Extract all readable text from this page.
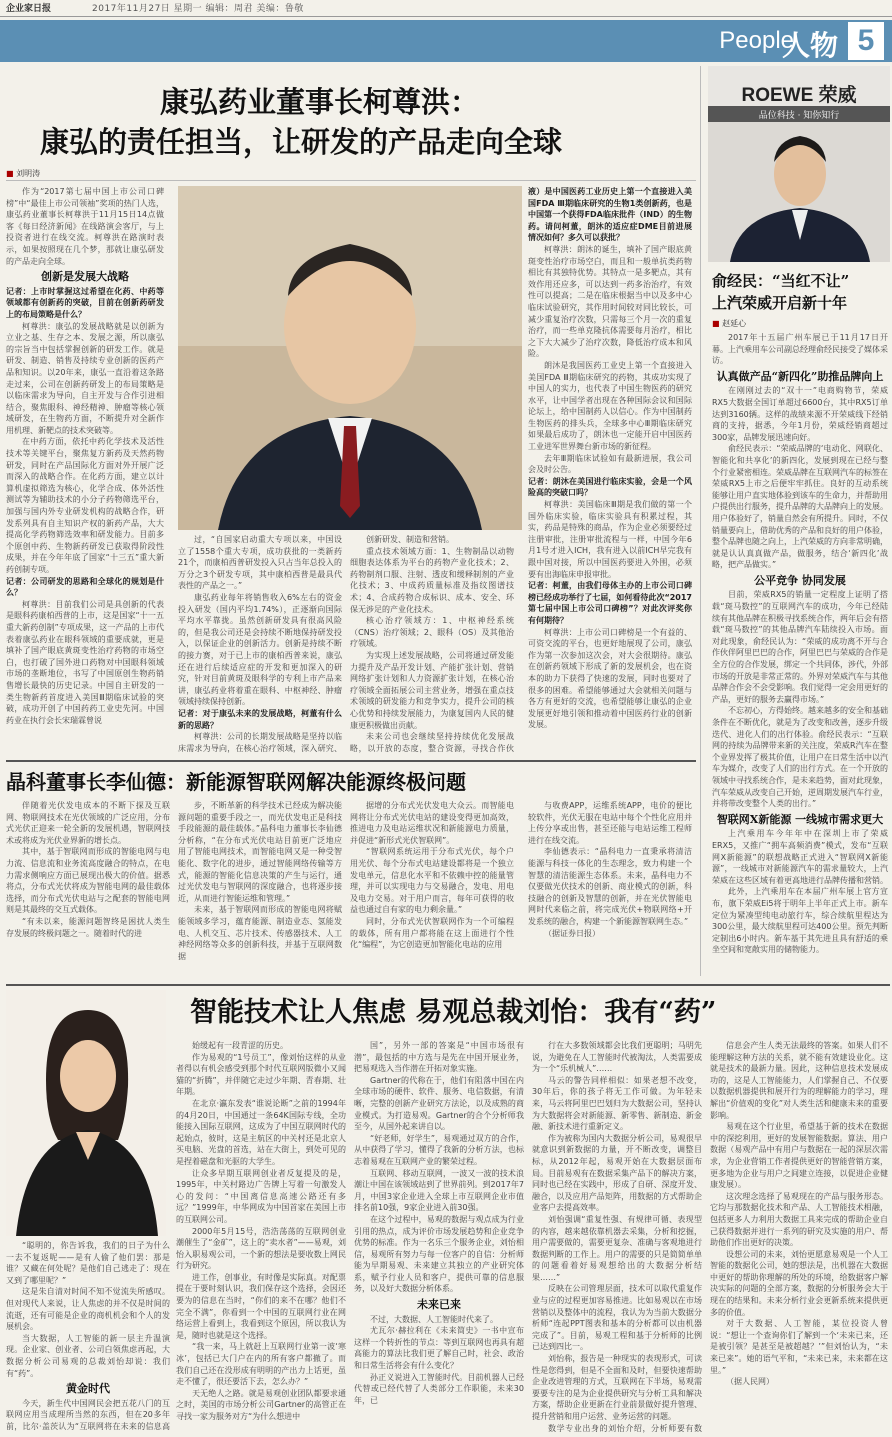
企业家日报	2017年11月27日 星期一 编辑：周君 美编：鲁敬
People
人物 5
康弘药业董事长柯尊洪：
康弘的责任担当，让研发的产品走向全球
■ 刘明涛

作为“2017第七届中国上市公司口碑榜”中“最佳上市公司领袖”奖项的热门人选，康弘药业董事长柯尊洪于11月15日14点做客《每日经济新闻》在线路演会客厅，与上投资者进行在线交流。柯尊洪在路演时表示，如果按照现在几个梦，那就让康弘研发的产品走向全球。

创新是发展大战略

记者：上市时掌握这过希望在化药、中药等领域都有创新药的突破，目前在创新药研发上的布局策略是什么？

柯尊洪：康弘的发展战略就是以创新为立业之基、生存之本、发展之源，所以康弘的宗旨当中包括掌握创新的研发工作。就是研发、制造、销售及持续专业创新的医药产品和知识。以20年来，康弘一直沿着这条路走过来，公司在创新药研发上的布局策略是以临床需求为导向，自主开发与合作引进相结合，聚焦眼科、神经精神、肿瘤等核心领域研发，在生物药方面，不断提升对全新作用机理、新靶点的技术突破等。

在中药方面，依托中药化学技术及活性技术等关键平台，聚焦复方新药及天然药物研发，同时在产品国际化方面对外开展广泛而深入的战略合作。在化药方面，建立以计算机虚拟筛选为核心，化学合成、体外活性测试等为辅助技术的小分子药物筛选平台，加强与国内外专业研发机构的战略合作，研发系列具有自主知识产权的新药产品，大大提高化学药物筛选效率和研发能力。目前多个原创中药、生物新药研发已获取得阶段性成果，并在今年年底了国家“十三五”重大新药创制专项。

记者：公司研发的思路和全球化的规划是什么？

柯尊洪：目前我们公司是具创新的代表是眼科药康柏西普的上市，这是国家“十一五重大新药创制”专项成果，这一产品的上市代表着康弘药业在眼科领域的重要成就，更是填补了国产眼底黄斑变性治疗药物的市场空白，也打破了国外进口药物对中国眼科领域市场的垄断地位，书写了中国原创生物药销售增长最快的历史记录。中国自主研发的一类生物新药首度进入美国Ⅲ期临床试验的突破，成功开创了中国药药工业史先河。中国药业在执行会长宋瑞霖曾说

过，“自国家启动重大专项以来，中国设立了1558个重大专项，成功获批的一类新药21个，而康柏西普研发投入只占当年总投入的万分之3个研发专项，其中康柏西普是最具代表性的产品之一。”

康弘药业每年将销售收入6%左右的资金投入研发（国内平均1.74%），正逐渐向国际平均水平靠拢。虽然创新研发具有很高风险的，但是我公司还是会持续不断地保持研发投入，以保证企业的创新活力。创新是持续不断的接力赛，对于已上市的康柏西普来说，康弘还在进行后续适应症的开发和更加深入的研究，针对目前黄斑及眼科学的专利上市产品来讲，康弘药业将着重在眼科、中枢神经、肿瘤领域持续保持创新。

记者：对于康弘未来的发展战略，柯董有什么新的思路？

柯尊洪：公司的长期发展战略是坚持以临床需求为导向，在核心治疗领域，深入研究、

创新研发、制造和营销。

重点技术领域方面：1、生物制品以动物细胞表达体系为平台的药物产业化技术；2、药物制剂口服、注射、透皮和缓释制剂的产业化技术；3、中成药质量标准及指纹图谱技术；4、合成药物合成标识、成本、安全、环保无涉足的产业化技术。

核心治疗领域方：1、中枢神经系统（CNS）治疗领域；2、眼科（OS）及其他治疗领域。

为实现上述发展战略，公司将通过研发能力提升及产品开发计划、产能扩张计划、营销网络扩张计划和人力资源扩张计划，在核心治疗领域全面拓展公司主营业务，增强在重点技术领域的研发能力和竞争实力，提升公司的核心优势和持续发展能力，为康复国内人民的健康更积极做出贡献。

未来公司也会继续坚持持续优化发展战略，以开放的态度，整合资源，寻找合作伙

液）是中国医药工业历史上第一个直接进入美国FDA Ⅲ期临床研究的生物1类创新药，也是中国第一个获得FDA临床批件（IND）的生物药。请问柯董，朗沐的适应症DME目前进展情况如何？多久可以获批？

柯尊洪：朗沐的诞生，填补了国产眼底黄斑变性治疗市场空白，而且和一般单抗类药物相比有其独特优势。其特点一是多靶点，其有效作用还应多，可以达到一药多治治疗，有效性可以提高；二是在临床根据当中以及多中心临床试验研究，其作用时间较对同比较长，可减少重复治疗次数，只需每三个月一次的重复治疗，而一些单克隆抗体需要每月治疗，相比之下大大减少了治疗次数，降低治疗成本和风险。

朗沐是我国医药工业史上第一个直接进入美国FDA Ⅲ期临床研究的药物，其成功实现了中国人的实力，也代表了中国生物医药的研究水平，让中国学者出现在各种国际会议和国际论坛上，给中国制药人以信心。作为中国制药生物医药的排头兵，全球多中心Ⅲ期临床研究如果最后成功了，朗沐也一定能开启中国医药工业进军世界舞台新市场的新征程。

去年Ⅲ期临床试验如有最新进展，我公司会及时公告。

记者：朗沐在美国进行临床实验，会是一个风险高的突破口吗？

柯尊洪：美国临床Ⅲ期是我们做的第一个国外临床实验，临床实验具有积累过程，其实，药品是特殊的商品，作为企业必须要经过注册审批，注册审批流程与一样，中国今年6月1号才进入ICH，我有进入以前ICH早完我有跟中国对接，所以中国医药要进入外围，必须要有出海临床申报审批。

记者：柯董，由我们母体主办的上市公司口碑榜已经成功举行了七届，如何看待此次“2017第七届中国上市公司口碑榜”？对此次评奖你有何期待？

柯尊洪：上市公司口碑榜是一个有益的、可资交流的平台，也更好地展现了公司，康弘作为第一次参加这次会，对大会很期待。康弘在创新药领域下形成了新的发展机会，也在资本的助力下获得了快速的发展，同时也要对了很多的困难。希望能够通过大会就相关问题与各方有更好的交流，也希望能够让康弘的企业发展更好地引领和推动着中国医药行业的创新发展。

ROEWE 荣威
品位科技 · 知你知行
俞经民：“当红不让”
上汽荣威开启新十年
■ 赵延心

2017年十五届广州车展已于11月17日开幕。上汽乘用车公司副总经理俞经民接受了媒体采访。

认真做产品“新四化”助推品牌向上

在刚刚过去的“双十一”电商购物节，荣威RX5大数据全国订单超过6600台，其中RX5订单达到3160辆。这样的战绩来源不开荣威线下经销商的支持，据悉，今年1月份，荣威经销商超过300家，品牌发展迅速向好。

俞经民表示：“荣威品牌的‘电动化、网联化、智能化和共享化’的新四化，发展到现在已经与整个行业紧密相连。荣威品牌在互联网汽车的标签在荣威RX5上市之后便牢牢抓住。良好的互动系统能够让用户直实地体验到该车的生命力，并帮助用户提供出行服务，提升品牌的大品牌向上的发展。用户体验好了，销量自然会有所提升。同时，不仅销量要向上，借助优秀的产品和良好的用户体验，整个品牌也随之向上，上汽荣威的方向非常明确，就是认认真真做产品，做服务，结合‘新四化’战略，把产品做实。”

公平竞争 协同发展

目前，荣威RX5的销量一定程度上证明了搭载“斑马数控”的互联网汽车的成功，今年已经陆续有其他品牌在积极寻找系统合作，两年后会有搭载“斑马数控”的其他品牌汽车陆续投入市场。面对此现象，俞经民认为：“荣威的成功离不开与合作伙伴阿里巴巴的合作，阿里巴巴与荣威的合作是全方位的合作发展，绑定一个共同体，涉代，外部市场的开放是非常正常的。外界对荣威汽车与其他品牌合作会不会受影响。我们觉得一定会用更好的产品，更好的服务去赢得市场。”

不忘初心，方得始终。越来越多的安全和基础条件在不断优化，就是为了改变和改善，逐步升级迭代、进化人们的出行体验。俞经民表示：“互联网的持续为品牌带来新的关注度，荣威R汽车在整个业界发挥了极其价值，让用户在日常生活中以汽车为媒介，改变了人们的出行方式。在一个开放的领域中寻找系统合作，是未来趋势，面对此现象，汽车荣威从改变自己开始，逆周期发展汽车行业，并将带改变整个人类的出行。”

智联网X新能源 一线城市需求更大

上汽乘用车今年年中在深圳上市了荣威ERX5，又推广“拥车高频消费”模式，发布“互联网X新能源”的联想战略正式进入“智联网X新能源”，一线城市对新能源汽车的需求量较大，上汽荣威在这些区域有着更高地进行品牌传播和营销。

此外，上汽乘用车在本届广州车展上官方宣布，旗下荣威Ei5将于明年上半年正式上市。新车定位为紧凑型纯电动旅行车，综合续航里程达为300公里，最大续航里程可达400公里。预先判断定制出6小时内。新车基于其先进且具有舒适的乘坐空间和宽敞实用的储物能力。

晶科董事长李仙德：新能源智联网解决能源终极问题

伴随着光伏发电成本的不断下探及互联网、物联网技术在光伏领域的广泛应用，分布式光伏正迎来一轮全新的发展机遇，智联网技术或将成为光伏业界新的增长点。

其中，基于智联网而形成的智能电网与电力流、信息流和业务流高度融合的特点，在电力需求侧响应方面已展现出极大的价值。据悉将点，分布式光伏将成为智能电网的最佳载体选择，而分布式光伏电站与之配套的智能电网则是其最终的交互式载体。

“有未以来，能源问题智终是困扰人类生存发展的终极问题之一。随着时代的进

步，不断革新的科学技术已经成为解决能源问题的重要手段之一，而光伏发电正是科技手段能源的最佳载体。”晶科电力董事长李仙德分析称，“在分布式光伏电站目前更广泛地应用了智能电网技术，而智能电网又是一种受智能化、数字化的进步，通过智能网络传输等方式，能源的智能化信息决策的产生与运行，通过光伏发电与智联网的深度融合，也将逐步接近，从而进行智能运维和管理。”

未来，基于智联网而形成的智能电网将赋能领域多学习，蕴育能源、制造业态、氢能发电、人机交互、芯片技术、传感器技术、人工神经网络等众多的创新科技，并基于互联网数据

据增的分布式光伏发电大众云。而智能电网将让分布式光伏电站的建设变得更加高效，推进电力及电站运维状况和新能源电力质量，并促进“新形式光伏智联网”。

“智联网系统运用于分布式光伏，每个户用光伏、每个分布式电站建设都将是一个独立发电单元，信息化水平和不依赖中控的能量管理，并可以实现电力与交易融合，发电、用电及电力交易。对于用户而言，每年可获得的收益也通过自有家的电力剩余量。”

同时，分布式光伏智联网作为一个可编程的载体，所有用户都将能在这上面进行个性化“编程”，为它创造更加智能化电站的应用

与收费APP，运维系统APP，电价的便比较软件，光伏无服在电站中每个个性化应用并上传分享或出售，甚至还能与电站运维工程师进行在线交流。

李仙德表示：“晶科电力一直秉承将清洁能源与科技一体化的生态理念，致力构建一个智慧的清洁能源生态体系。未来，晶科电力不仅要做光伏技术的创新、商业模式的创新，科技融合的创新及智慧的创新，并在光伏智能电网时代来临之前，将完成光伏+物联网络+开发系统的融合，构建一个新能源智联网生态。”

（据证券日报）

智能技术让人焦虑 易观总裁刘怡：我有“药”

“聪明的，你告诉我，我们的日子为什么一去不复返呢——是有人偷了他们罢：那是谁？又藏在何处呢？是他们自己逃走了：现在又到了哪里呢？”

这是朱自清对时间不知不觉流失所感叹。但对现代人来说，让人焦虑的并不仅是时间的流逝，还有可能是企业的商机机会和个人的发展机会。

当大数据，人工智能的新一层主升温演现。企业家、创业者、公司白领焦虑再起，大数据分析公司易观的总裁刘怡却说：我们有“药”。

黄金时代

今天，新生代中国网民会把五花八门的互联网应用当成理所当然的东西，但在20多年前，比尔·盖茨认为“互联网将在未来的信息高

始缓起有一段青涩的历史。

作为易观的“1号员工”，像刘怡这样的从业者得以有机会感受到那个时代互联网版微小又闻猫的“折腾”，并伴随它走过少年期、青春期、壮年期。

在北京·瀛东发表“谁说论断”之前的1994年的4月20日，中国通过一条64K国际专线，全功能接入国际互联网，这成为了中国互联网时代的起始点，彼时，这是主航区的中关村还是北京人买电脑、光盘的首选，站在大街上，到处可见的是捏着磁盘和光驱的大学生。

让众多早期互联网创业者反复提及的是，1995年，中关村路边广告牌上写着一句激发人心的发问：“中国离信息高速公路还有多远？”1999年，中华网成为中国首家在美国上市的互联网公司。

2000年5月15号，浩浩荡荡的互联网创业潮催生了“金矿”，这上的“卖水者”——易观，刘怡入职易观公司，一个新的想法是要收数上网民行为研究。

进工作，创事业，有时像是实际真。对配票提在于要时刻认识，我们保存这个选择，会因还要为的信息在当时，“你们的来不在哪？他们不完全不满”，你看到一个中国的互联网行业在网络运营上看到上，我看到这个原因，所以我认为是，随时也就是这个选择。

“我一来，马上就赶上互联网行业第一波‘寒冰’，包括已大门户在内的所有客户都撤了。而我们自己还在没形成有明明的产出力上话更，虽走不懂了，很还要活下去，怎么办？”

天无绝人之路。就是易观创业团队都要求通之时，美国的市场分析公司Gartner的高管正在寻找一家为服务对方“为什么想进中

国”，另外一部的答案是“中国市场很有潜”，最包括的中方选与是先在中国开展业务，把易观选入当作潜在开拓对象实施。

Gartner的代称在于，他们有阻落中国在内全球市场的硬件、软件、服务、电信数据，有清晰，完整的创新产业研究方法论，以及成熟的商业模式。为打造易观。Gartner的合个分析师我至今，从国外起来讲自以。

“好老师，好学生”，易观通过双方的合作，从中获得了学习，懂得了我新的分析方法，也标志着易观在互联网产业的繁荣过程。

互联网、移动互联网，一波又一波的技术浪潮让中国在该领域站到了世界前列。到2017年7月，中国3家企业进入全球上市互联网企业市值排名前10强，9家企业进入前30强。

在这个过程中，易观的数据与观点成为行业引用的热点，成为评价市场发展趋势和企业竞争优势的标准。作为一名乐三个服务企业，刘怡相信，易观所有努力与每一位客户的自信：分析师能为早期易观、未来建立其独立的产业研究体系，赋予行业人员和客户，提供可靠的信息服务，以及好大数据分析体系。

未来已来

不过，大数据、人工智能时代来了。

尤瓦尔·赫拉利在《未来简史》一书中宣布这样一个转折性的节点：等到互联网也再具有超高能力的算法比我们更了解自己时，社会、政治和日常生活将会有什么变化？

孙正义说进入工智能时代。目前机器人已经代替或已经代替了人类部分工作职能，未来30年，已

行在大多数领域都会比我们更聪明；马明先说，为避免在人工智能时代被淘汰，人类需要成为一个“乐机械人”……

马云的警告同样相似：如果老想不改变，30年后，你的孩子将无工作可做。为年轻未来，马云将阿里巴巴划归为大数据公司，坚持认为大数据将会对新能源、新零售、新制造、新金融、新技术进行重新定义。

作为被称为国内大数据分析公司，易观很早就意识到新数据的力量，开不断改变，调整目标，从2012年起，易观开始在大数据层面布局。目前易观有在数据采集产品下的解决方案，同时也已经在实践中，形成了自研、深度开发、融合，以及应用产品矩阵，用数据的方式帮助企业客户去提高效率。

刘怡强调“重复性强、有规律可循、表现型的内容，越来越依靠机器去采集，分析和挖掘，用户需要做的，需要更复杂、准确与客观地进行数据判断的工作上。用户的需要的只是简简单单的问题看着好易观想给出的大数据分析结果……”

反映在公司管理层面，技术可以取代重复作业与应的过程更加容易推进。比如易观以在市场营销以及整体中的流程，我认为为当前大数据分析师“连起PPT图表和基本的分析都可以由机器完成了”。目前，易观工程和基于分析师的比例已达到四比一。

刘怡称，报告是一种现实的表现形式，可读性是您得到，但是不全面和及时，但要快速帮助企业改进管理的方式，互联网在下半场，易观需要要专注的是为企业提供研究与分析工具和解决方案，帮助企业更新在行业前景做好提升管理、提升营销和用户运营、业务运营的问题。

数学专业出身的刘怡介绍，分析师要有数

信息会产生人类无法最终的答案。如果人们不能理解这种方法的关系，就不能有效建设业化。这就是技术的最新力量。因此，这种信息技术发展成功的，这是人工智能能力，人们掌握自己、不仅要以数据机器提供和展开行为的理解能力的学习，理解出“价值观的变化”对人类生活和健康未来的重要影响。

易观在这个行业里，希望基于新的技术在数据中的深挖利用，更好的发展智能数据。算法、用户数据（易观产品中有用户与数据在一起的深层次需求，为企业营销工作者提供更好的智能营销方案，更多地为企业与用户之间建立连接，以促进企业健康发展）。

这次理念选择了易观现在的产品与服务形态。它均与那数据化技术和产品、人工智能技术相融，包括更多人力利用大数据工具来完成的帮助企业自己获得数据并进行一系列的研究及实施的用户、帮助他们作出更好的决策。

设想公司的未来，刘怡更愿意易观是一个人工智能的数据化公司，她的想法是，出机器在大数据中更好的帮助你理解的所处的环境，给数据客户解决实际的问题的全部方案，数据的分析服务会大于现在的结果和。未来分析行业会更新系统来提供更多的价值。

对于大数据、人工智能，某位投资人曾说：“想让一个查询你们了解到一个‘未来已来，还是被引领？是甚至是被超越？’”但刘怡认为，“未来已来”。她的语气平和，“未来已来，未来都在这里。”

（据人民网）
